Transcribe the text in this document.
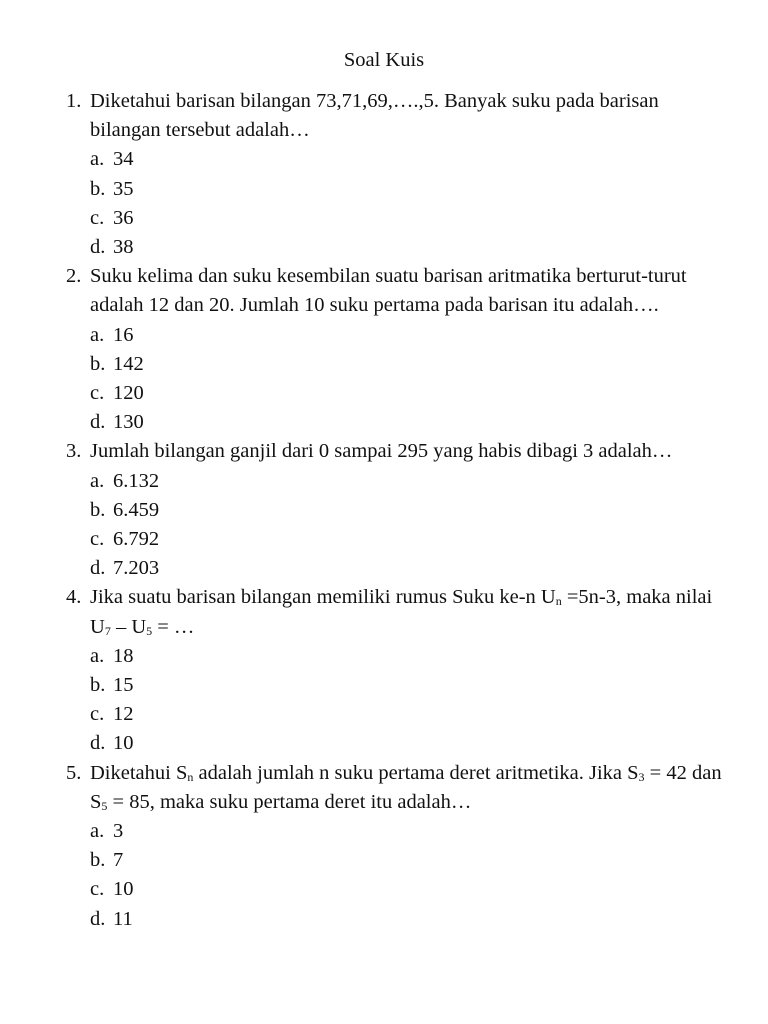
Soal Kuis
1. Diketahui barisan bilangan 73,71,69,….,5. Banyak suku pada barisan bilangan tersebut adalah…
a. 34
b. 35
c. 36
d. 38
2. Suku kelima dan suku kesembilan suatu barisan aritmatika berturut-turut adalah 12 dan 20. Jumlah 10 suku pertama pada barisan itu adalah….
a. 16
b. 142
c. 120
d. 130
3. Jumlah bilangan ganjil dari 0 sampai 295 yang habis dibagi 3 adalah…
a. 6.132
b. 6.459
c. 6.792
d. 7.203
4. Jika suatu barisan bilangan memiliki rumus Suku ke-n $U_n =5n-3$, maka nilai $U_7 - U_5$ = …
a. 18
b. 15
c. 12
d. 10
5. Diketahui $S_n$ adalah jumlah n suku pertama deret aritmetika. Jika $S_3 = 42$ dan $S_5 = 85$, maka suku pertama deret itu adalah…
a. 3
b. 7
c. 10
d. 11
